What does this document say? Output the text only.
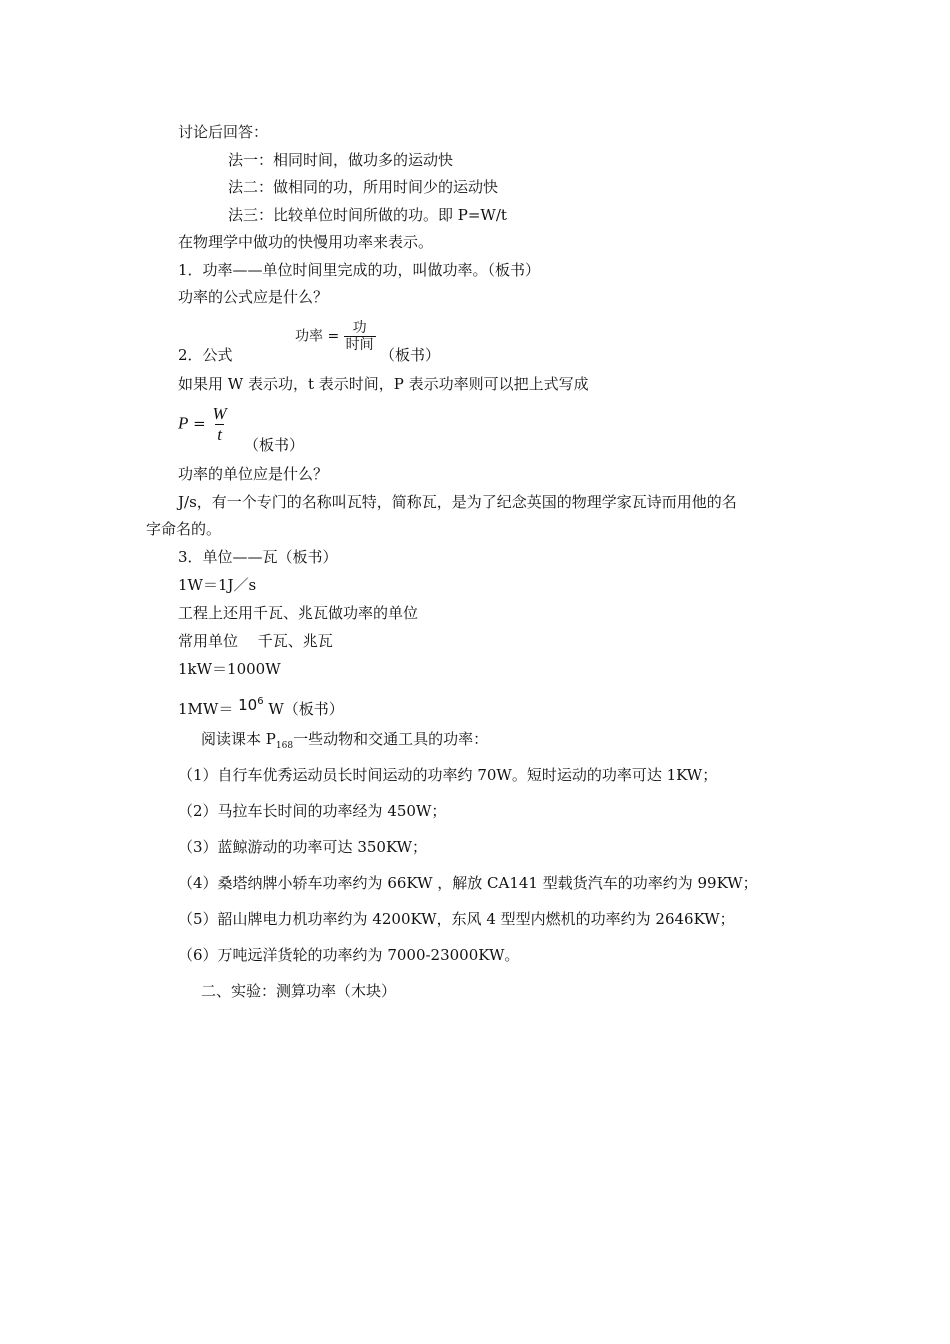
讨论后回答：
法一：相同时间，做功多的运动快
法二：做相同的功，所用时间少的运动快
法三：比较单位时间所做的功。即 P=W/t
在物理学中做功的快慢用功率来表示。
1．功率——单位时间里完成的功，叫做功率。（板书）
功率的公式应是什么？
2．公式
功率 = $\frac{\text{功}}{\text{时间}}$
（板书）
如果用 W 表示功，t 表示时间，P 表示功率则可以把上式写成
$P = \frac{W}{t}$ （板书）
功率的单位应是什么？
J/s，有一个专门的名称叫瓦特，简称瓦，是为了纪念英国的物理学家瓦诗而用他的名
字命名的。
3．单位——瓦（板书）
1W＝1J／s
工程上还用千瓦、兆瓦做功率的单位
常用单位　 千瓦、兆瓦
1kW＝1000W
$1MW= 10^6$ W（板书）
阅读课本 $P_{168}$一些动物和交通工具的功率：
（1）自行车优秀运动员长时间运动的功率约 70W。短时运动的功率可达 1KW；
（2）马拉车长时间的功率经为 450W；
（3）蓝鲸游动的功率可达 350KW；
（4）桑塔纳牌小轿车功率约为 66KW ，解放 CA141 型载货汽车的功率约为 99KW；
（5）韶山牌电力机功率约为 4200KW，东风 4 型型内燃机的功率约为 2646KW；
（6）万吨远洋货轮的功率约为 7000-23000KW。
二、实验：测算功率（木块）
